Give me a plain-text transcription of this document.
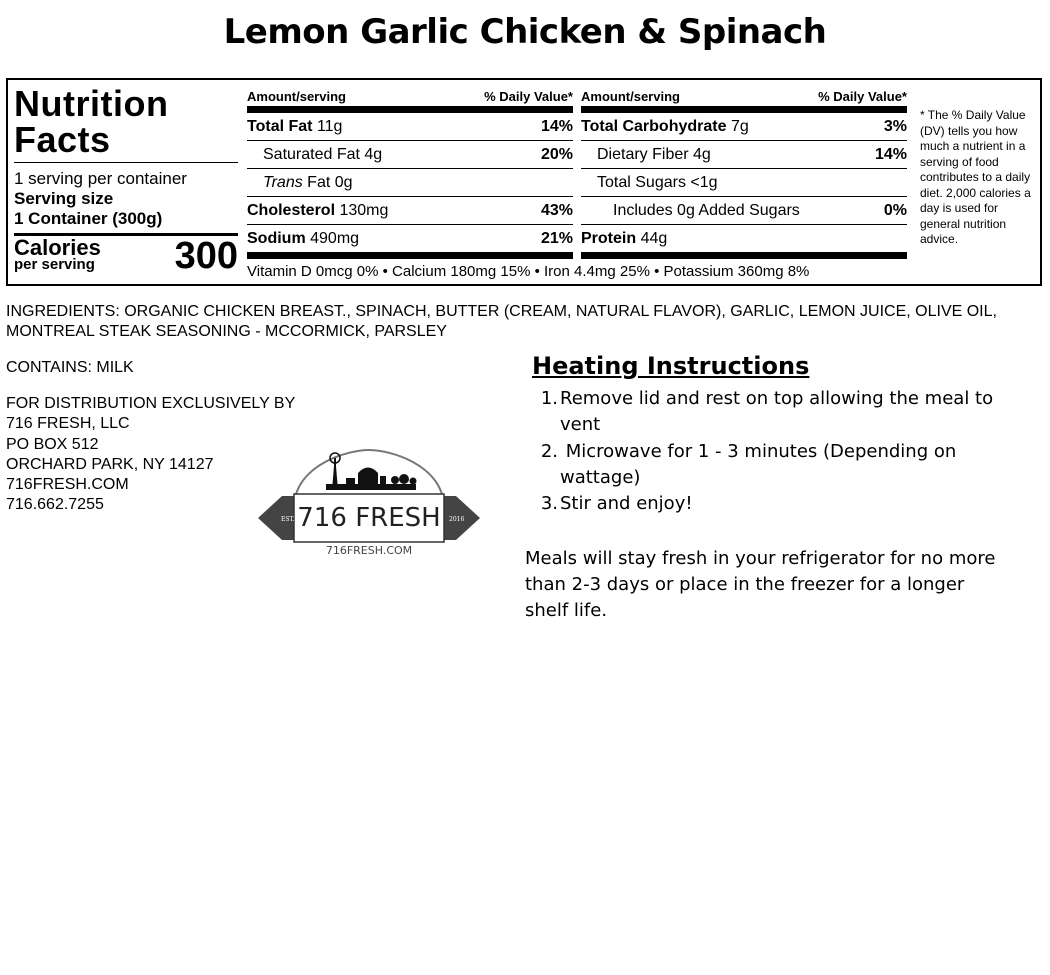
Lemon Garlic Chicken & Spinach
Nutrition
Facts
1 serving per container
Serving size
1 Container (300g)
Calories
per serving 300
Amount/serving	% Daily Value*
Total Fat 11g	14%
Saturated Fat 4g	20%
Trans Fat 0g
Cholesterol 130mg	43%
Sodium 490mg	21%
Amount/serving	% Daily Value*
Total Carbohydrate 7g	3%
Dietary Fiber 4g	14%
Total Sugars <1g
Includes 0g Added Sugars	0%
Protein 44g
Vitamin D 0mcg 0% • Calcium 180mg 15% • Iron 4.4mg 25% • Potassium 360mg 8%
* The % Daily Value (DV) tells you how much a nutrient in a serving of food contributes to a daily diet. 2,000 calories a day is used for general nutrition advice.
INGREDIENTS: ORGANIC CHICKEN BREAST., SPINACH, BUTTER (CREAM, NATURAL FLAVOR), GARLIC, LEMON JUICE, OLIVE OIL, MONTREAL STEAK SEASONING - MCCORMICK, PARSLEY
CONTAINS: MILK
FOR DISTRIBUTION EXCLUSIVELY BY
716 FRESH, LLC
PO BOX 512
ORCHARD PARK, NY 14127
716FRESH.COM
716.662.7255
EST.	2016
716 FRESH
716FRESH.COM
Heating Instructions
1. Remove lid and rest on top allowing the meal to vent
2. Microwave for 1 - 3 minutes (Depending on wattage)
3. Stir and enjoy!
Meals will stay fresh in your refrigerator for no more than 2-3 days or place in the freezer for a longer shelf life.
